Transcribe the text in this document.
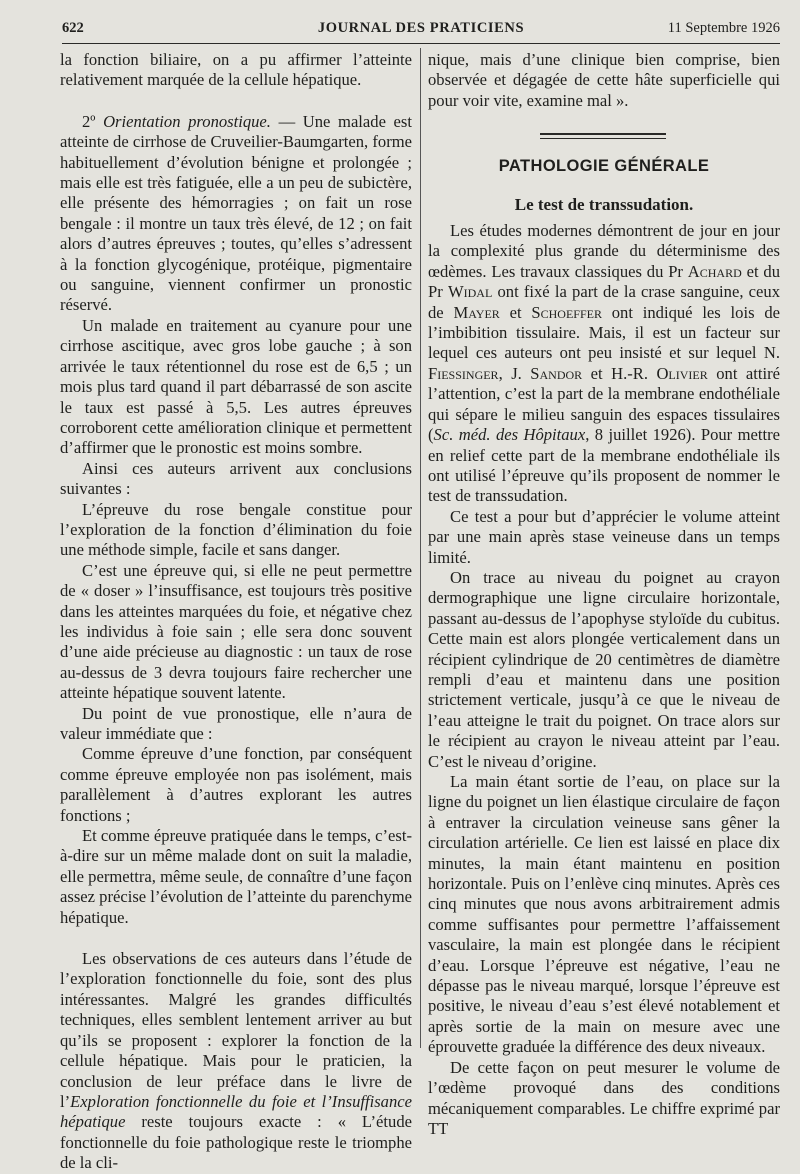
622	JOURNAL DES PRATICIENS	11 Septembre 1926

la fonction biliaire, on a pu affirmer l’atteinte relativement marquée de la cellule hépatique.

2º Orientation pronostique. — Une malade est atteinte de cirrhose de Cruveilier-Baumgarten, forme habituellement d’évolution bénigne et prolongée ; mais elle est très fatiguée, elle a un peu de subictère, elle présente des hémorragies ; on fait un rose bengale : il montre un taux très élevé, de 12 ; on fait alors d’autres épreuves ; toutes, qu’elles s’adressent à la fonction glycogénique, protéique, pigmentaire ou sanguine, viennent confirmer un pronostic réservé.

Un malade en traitement au cyanure pour une cirrhose ascitique, avec gros lobe gauche ; à son arrivée le taux rétentionnel du rose est de 6,5 ; un mois plus tard quand il part débarrassé de son ascite le taux est passé à 5,5. Les autres épreuves corroborent cette amélioration clinique et permettent d’affirmer que le pronostic est moins sombre.

Ainsi ces auteurs arrivent aux conclusions suivantes :

L’épreuve du rose bengale constitue pour l’exploration de la fonction d’élimination du foie une méthode simple, facile et sans danger.

C’est une épreuve qui, si elle ne peut permettre de « doser » l’insuffisance, est toujours très positive dans les atteintes marquées du foie, et négative chez les individus à foie sain ; elle sera donc souvent d’une aide précieuse au diagnostic : un taux de rose au-dessus de 3 devra toujours faire rechercher une atteinte hépatique souvent latente.

Du point de vue pronostique, elle n’aura de valeur immédiate que :

Comme épreuve d’une fonction, par conséquent comme épreuve employée non pas isolément, mais parallèlement à d’autres explorant les autres fonctions ;

Et comme épreuve pratiquée dans le temps, c’est-à-dire sur un même malade dont on suit la maladie, elle permettra, même seule, de connaître d’une façon assez précise l’évolution de l’atteinte du parenchyme hépatique.

Les observations de ces auteurs dans l’étude de l’exploration fonctionnelle du foie, sont des plus intéressantes. Malgré les grandes difficultés techniques, elles semblent lentement arriver au but qu’ils se proposent : explorer la fonction de la cellule hépatique. Mais pour le praticien, la conclusion de leur préface dans le livre de l’Exploration fonctionnelle du foie et l’Insuffisance hépatique reste toujours exacte : « L’étude fonctionnelle du foie pathologique reste le triomphe de la cli-

nique, mais d’une clinique bien comprise, bien observée et dégagée de cette hâte superficielle qui pour voir vite, examine mal ».

PATHOLOGIE GÉNÉRALE
Le test de transsudation.

Les études modernes démontrent de jour en jour la complexité plus grande du déterminisme des œdèmes. Les travaux classiques du Pr Achard et du Pr Widal ont fixé la part de la crase sanguine, ceux de Mayer et Schoeffer ont indiqué les lois de l’imbibition tissulaire. Mais, il est un facteur sur lequel ces auteurs ont peu insisté et sur lequel N. Fiessinger, J. Sandor et H.-R. Olivier ont attiré l’attention, c’est la part de la membrane endothéliale qui sépare le milieu sanguin des espaces tissulaires (Sc. méd. des Hôpitaux, 8 juillet 1926). Pour mettre en relief cette part de la membrane endothéliale ils ont utilisé l’épreuve qu’ils proposent de nommer le test de transsudation.

Ce test a pour but d’apprécier le volume atteint par une main après stase veineuse dans un temps limité.

On trace au niveau du poignet au crayon dermographique une ligne circulaire horizontale, passant au-dessus de l’apophyse styloïde du cubitus. Cette main est alors plongée verticalement dans un récipient cylindrique de 20 centimètres de diamètre rempli d’eau et maintenu dans une position strictement verticale, jusqu’à ce que le niveau de l’eau atteigne le trait du poignet. On trace alors sur le récipient au crayon le niveau atteint par l’eau. C’est le niveau d’origine.

La main étant sortie de l’eau, on place sur la ligne du poignet un lien élastique circulaire de façon à entraver la circulation veineuse sans gêner la circulation artérielle. Ce lien est laissé en place dix minutes, la main étant maintenu en position horizontale. Puis on l’enlève cinq minutes. Après ces cinq minutes que nous avons arbitrairement admis comme suffisantes pour permettre l’affaissement vasculaire, la main est plongée dans le récipient d’eau. Lorsque l’épreuve est négative, l’eau ne dépasse pas le niveau marqué, lorsque l’épreuve est positive, le niveau d’eau s’est élevé notablement et après sortie de la main on mesure avec une éprouvette graduée la différence des deux niveaux.

De cette façon on peut mesurer le volume de l’œdème provoqué dans des conditions mécaniquement comparables. Le chiffre exprimé par TT
